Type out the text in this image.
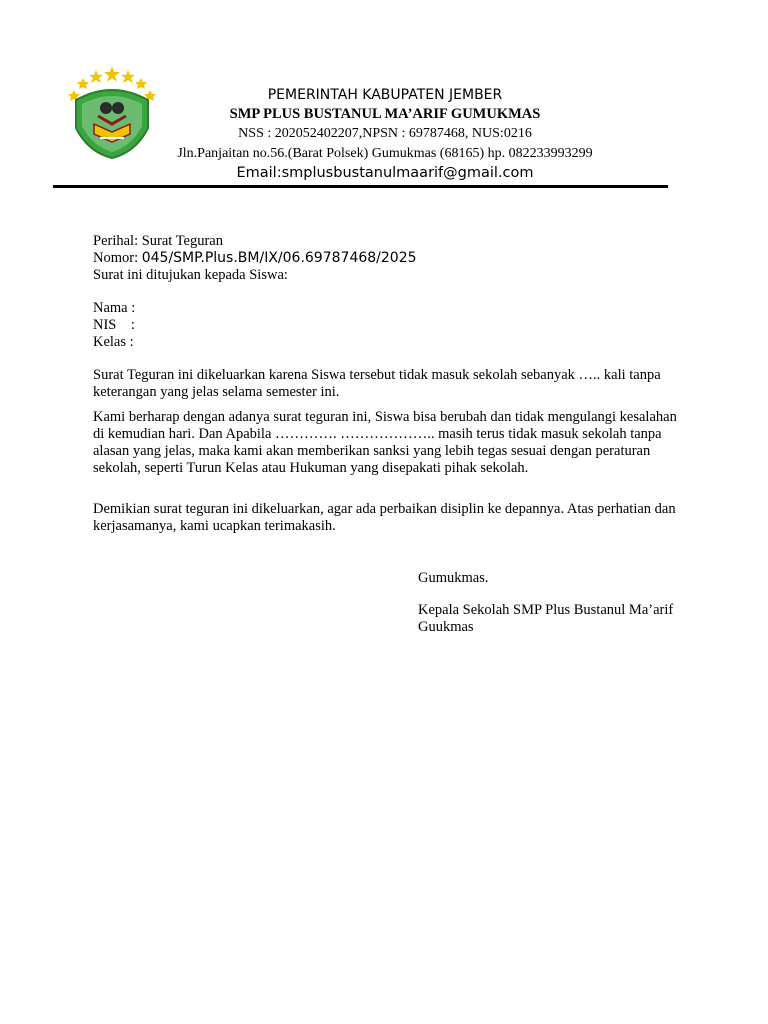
PEMERINTAH KABUPATEN JEMBER
SMP PLUS BUSTANUL MA’ARIF GUMUKMAS
NSS : 202052402207,NPSN : 69787468, NUS:0216
Jln.Panjaitan no.56.(Barat Polsek) Gumukmas (68165) hp. 082233993299
Email:smplusbustanulmaarif@gmail.com

Perihal: Surat Teguran

Nomor: 045/SMP.Plus.BM/IX/06.69787468/2025

Surat ini ditujukan kepada Siswa:

Nama :

NIS    :

Kelas :

Surat Teguran ini dikeluarkan karena Siswa tersebut tidak masuk sekolah sebanyak ….. kali tanpa keterangan yang jelas selama semester ini.

Kami berharap dengan adanya surat teguran ini, Siswa bisa berubah dan tidak mengulangi kesalahan di kemudian hari. Dan Apabila …………. ……………….. masih terus tidak masuk sekolah tanpa alasan yang jelas, maka kami akan memberikan sanksi yang lebih tegas sesuai dengan peraturan sekolah, seperti Turun Kelas atau Hukuman yang disepakati pihak sekolah.

Demikian surat teguran ini dikeluarkan, agar ada perbaikan disiplin ke depannya. Atas perhatian dan kerjasamanya, kami ucapkan terimakasih.

Gumukmas.

Kepala Sekolah SMP Plus Bustanul Ma’arif Guukmas
